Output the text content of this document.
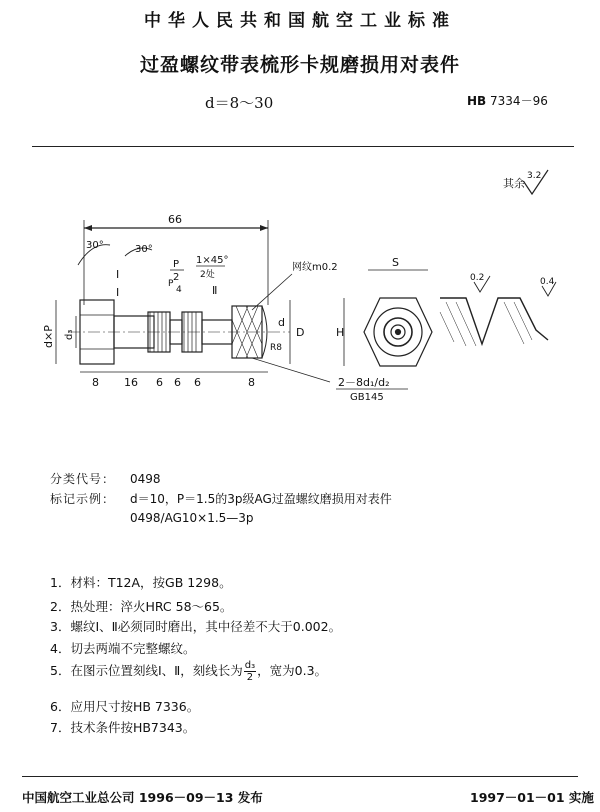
中华人民共和国航空工业标准
过盈螺纹带表梳形卡规磨损用对表件
d＝8～30	HB 7334－96
其余
3.2
66
30°	30°
P
2
P
4
1×45°
2处
Ⅰ
Ⅰ	Ⅱ
网纹m0.2
D
d
R8
d×P d₃
8 16 6 6 6	8	2－8d₁/d₂
GB145
S
H
0.2	0.4
分类代号： 0498
标记示例： d＝10，P＝1.5的3p级AG过盈螺纹磨损用对表件
0498/AG10×1.5—3p
1．材料：T12A，按GB 1298。
2．热处理：淬火HRC 58～65。
3．螺纹Ⅰ、Ⅱ必须同时磨出，其中径差不大于0.002。
4．切去两端不完整螺纹。
5．在图示位置刻线Ⅰ、Ⅱ，刻线长为 $\frac{\text{d₃}}{2}$ ，宽为0.3。
6．应用尺寸按HB 7336。
7．技术条件按HB7343。
中国航空工业总公司 1996－09－13 发布	1997－01－01 实施
